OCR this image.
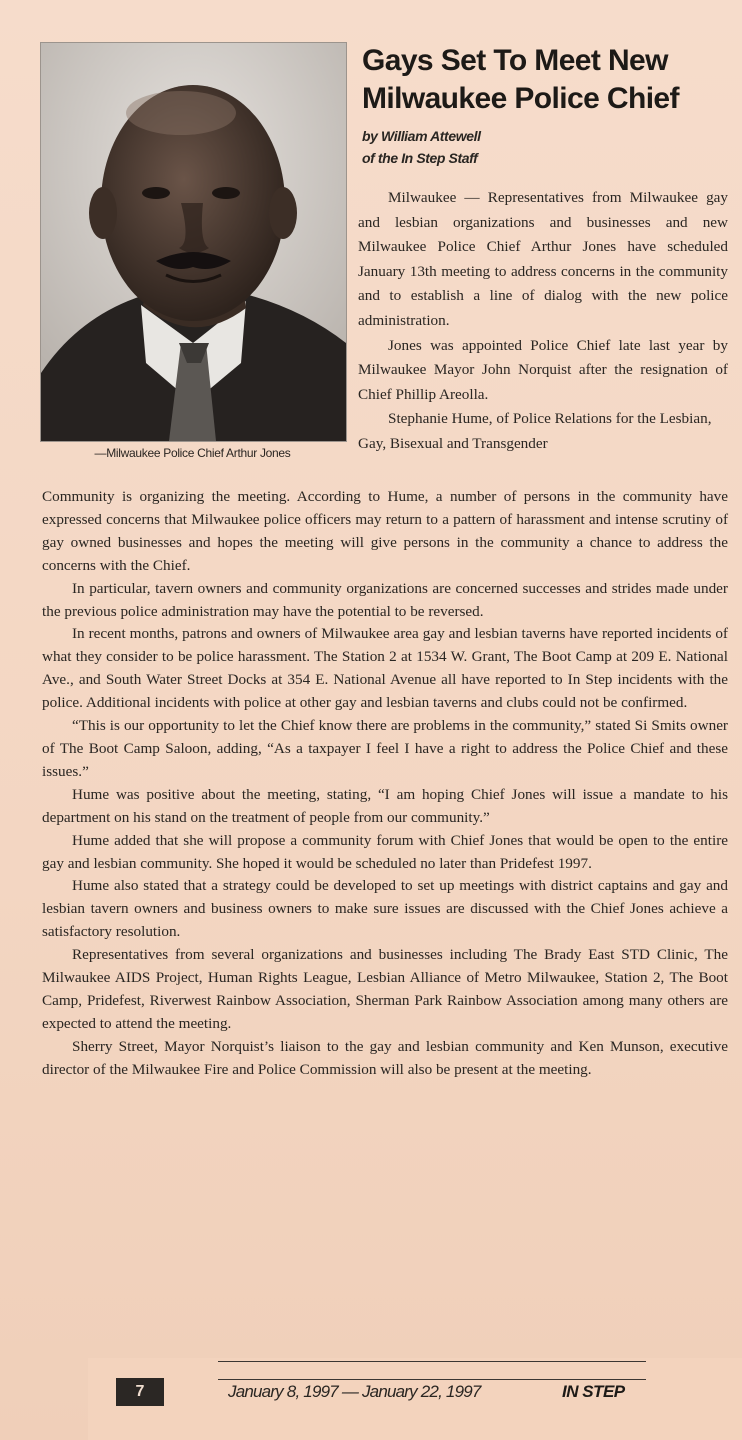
—Milwaukee Police Chief Arthur Jones
Gays Set To Meet New Milwaukee Police Chief
by William Attewell
of the In Step Staff

Milwaukee — Representatives from Milwaukee gay and lesbian organizations and businesses and new Milwaukee Police Chief Arthur Jones have scheduled January 13th meeting to address concerns in the community and to establish a line of dialog with the new police administration.

Jones was appointed Police Chief late last year by Milwaukee Mayor John Norquist after the resignation of Chief Phillip Areolla.

Stephanie Hume, of Police Relations for the Lesbian, Gay, Bisexual and Transgender

Community is organizing the meeting. According to Hume, a number of persons in the community have expressed concerns that Milwaukee police officers may return to a pattern of harassment and intense scrutiny of gay owned businesses and hopes the meeting will give persons in the community a chance to address the concerns with the Chief.

In particular, tavern owners and community organizations are concerned successes and strides made under the previous police administration may have the potential to be reversed.

In recent months, patrons and owners of Milwaukee area gay and lesbian taverns have reported incidents of what they consider to be police harassment. The Station 2 at 1534 W. Grant, The Boot Camp at 209 E. National Ave., and South Water Street Docks at 354 E. National Avenue all have reported to In Step incidents with the police. Additional incidents with police at other gay and lesbian taverns and clubs could not be confirmed.

“This is our opportunity to let the Chief know there are problems in the community,” stated Si Smits owner of The Boot Camp Saloon, adding, “As a taxpayer I feel I have a right to address the Police Chief and these issues.”

Hume was positive about the meeting, stating, “I am hoping Chief Jones will issue a mandate to his department on his stand on the treatment of people from our community.”

Hume added that she will propose a community forum with Chief Jones that would be open to the entire gay and lesbian community. She hoped it would be scheduled no later than Pridefest 1997.

Hume also stated that a strategy could be developed to set up meetings with district captains and gay and lesbian tavern owners and business owners to make sure issues are discussed with the Chief Jones achieve a satisfactory resolution.

Representatives from several organizations and businesses including The Brady East STD Clinic, The Milwaukee AIDS Project, Human Rights League, Lesbian Alliance of Metro Milwaukee, Station 2, The Boot Camp, Pridefest, Riverwest Rainbow Association, Sherman Park Rainbow Association among many others are expected to attend the meeting.

Sherry Street, Mayor Norquist’s liaison to the gay and lesbian community and Ken Munson, executive director of the Milwaukee Fire and Police Commission will also be present at the meeting.

7	January 8, 1997 — January 22, 1997	IN STEP
